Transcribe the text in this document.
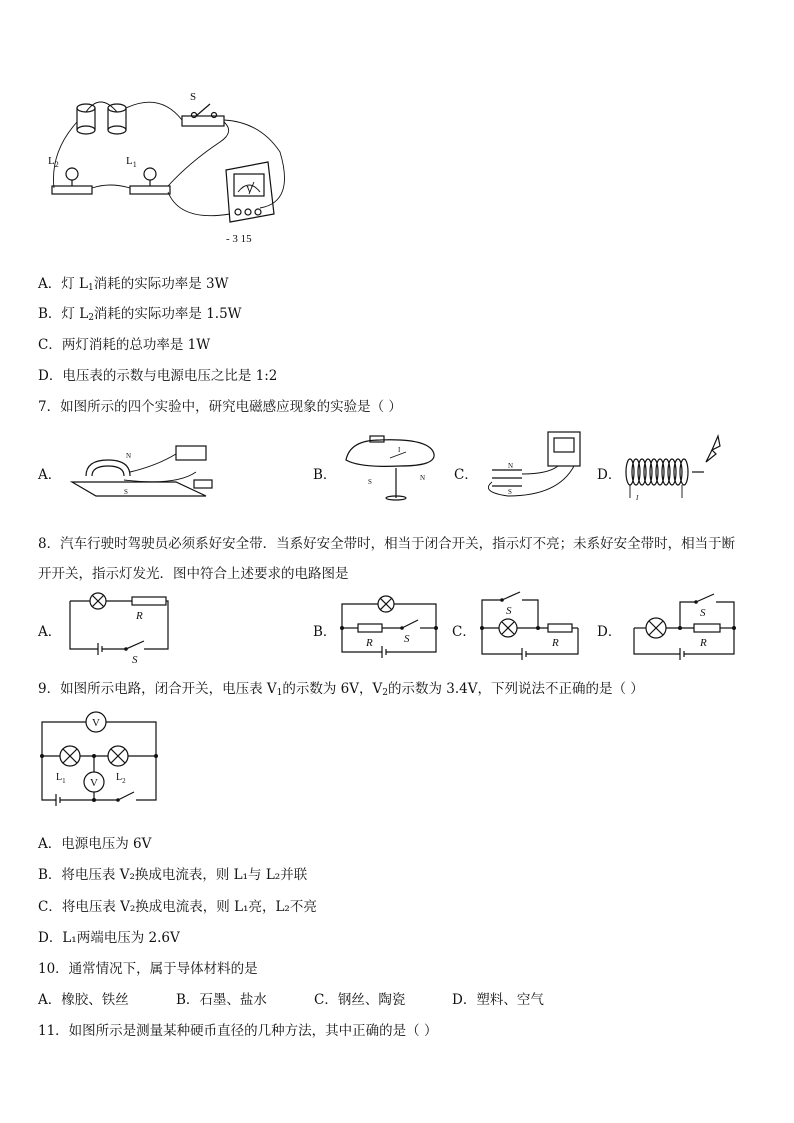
S
$L_2$	$L_1$
V
- 3 15
A．灯 $L_1$消耗的实际功率是 3W
B．灯 $L_2$消耗的实际功率是 1.5W
C．两灯消耗的总功率是 1W
D．电压表的示数与电源电压之比是 1:2
7．如图所示的四个实验中，研究电磁感应现象的实验是（ ）
A．
N
S
B．	S	N
I
C．
N
S
D．
I
8．汽车行驶时驾驶员必须系好安全带．当系好安全带时，相当于闭合开关，指示灯不亮；未系好安全带时，相当于断
开开关，指示灯发光．图中符合上述要求的电路图是
A．
R
S
B．
R	S	C．
S
R
D．
S
R
9．如图所示电路，闭合开关，电压表 $V_1$的示数为 6V，$V_2$的示数为 3.4V，下列说法不正确的是（ ）
V
V
$L_1$	$L_2$
A．电源电压为 6V
B．将电压表 V₂换成电流表，则 L₁与 L₂并联
C．将电压表 V₂换成电流表，则 L₁亮，L₂不亮
D．L₁两端电压为 2.6V
10．通常情况下，属于导体材料的是
A．橡胶、铁丝	B．石墨、盐水	C．钢丝、陶瓷	D．塑料、空气
11．如图所示是测量某种硬币直径的几种方法，其中正确的是（ ）
